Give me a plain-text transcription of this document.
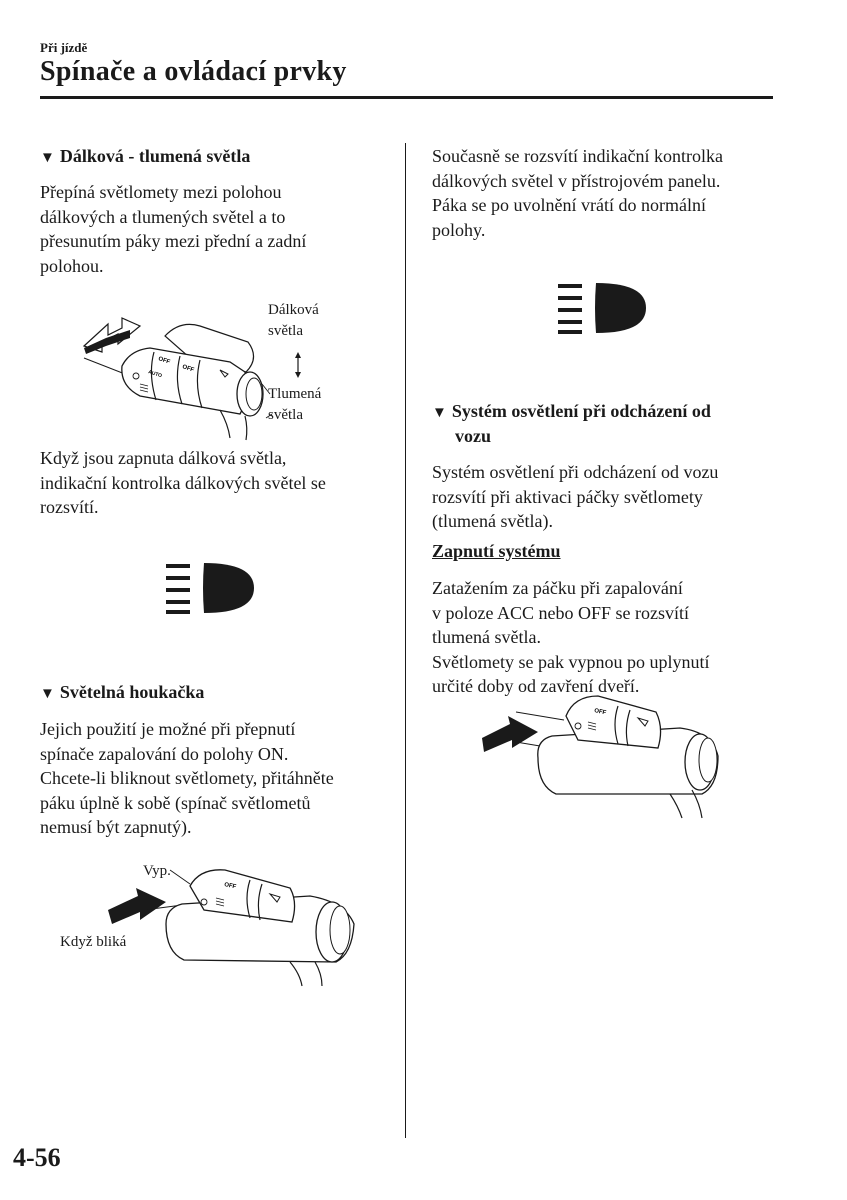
Při jízdě
Spínače a ovládací prvky
▼ Dálková - tlumená světla
Přepíná světlomety mezi polohou
dálkových a tlumených světel a to
přesunutím páky mezi přední a zadní
polohou.
OFF
AUTO
OFF
Dálková
světla
Tlumená
světla
Když jsou zapnuta dálková světla,
indikační kontrolka dálkových světel se
rozsvítí.
▼ Světelná houkačka
Jejich použití je možné při přepnutí
spínače zapalování do polohy ON.
Chcete-li bliknout světlomety, přitáhněte
páku úplně k sobě (spínač světlometů
nemusí být zapnutý).
OFF
Vyp.
Když bliká
Současně se rozsvítí indikační kontrolka
dálkových světel v přístrojovém panelu.
Páka se po uvolnění vrátí do normální
polohy.
▼ Systém osvětlení při odcházení od
vozu
Systém osvětlení při odcházení od vozu
rozsvítí při aktivaci páčky světlomety
(tlumená světla).
Zapnutí systému
Zatažením za páčku při zapalování
v poloze ACC nebo OFF se rozsvítí
tlumená světla.
Světlomety se pak vypnou po uplynutí
určité doby od zavření dveří.
OFF
4-56
